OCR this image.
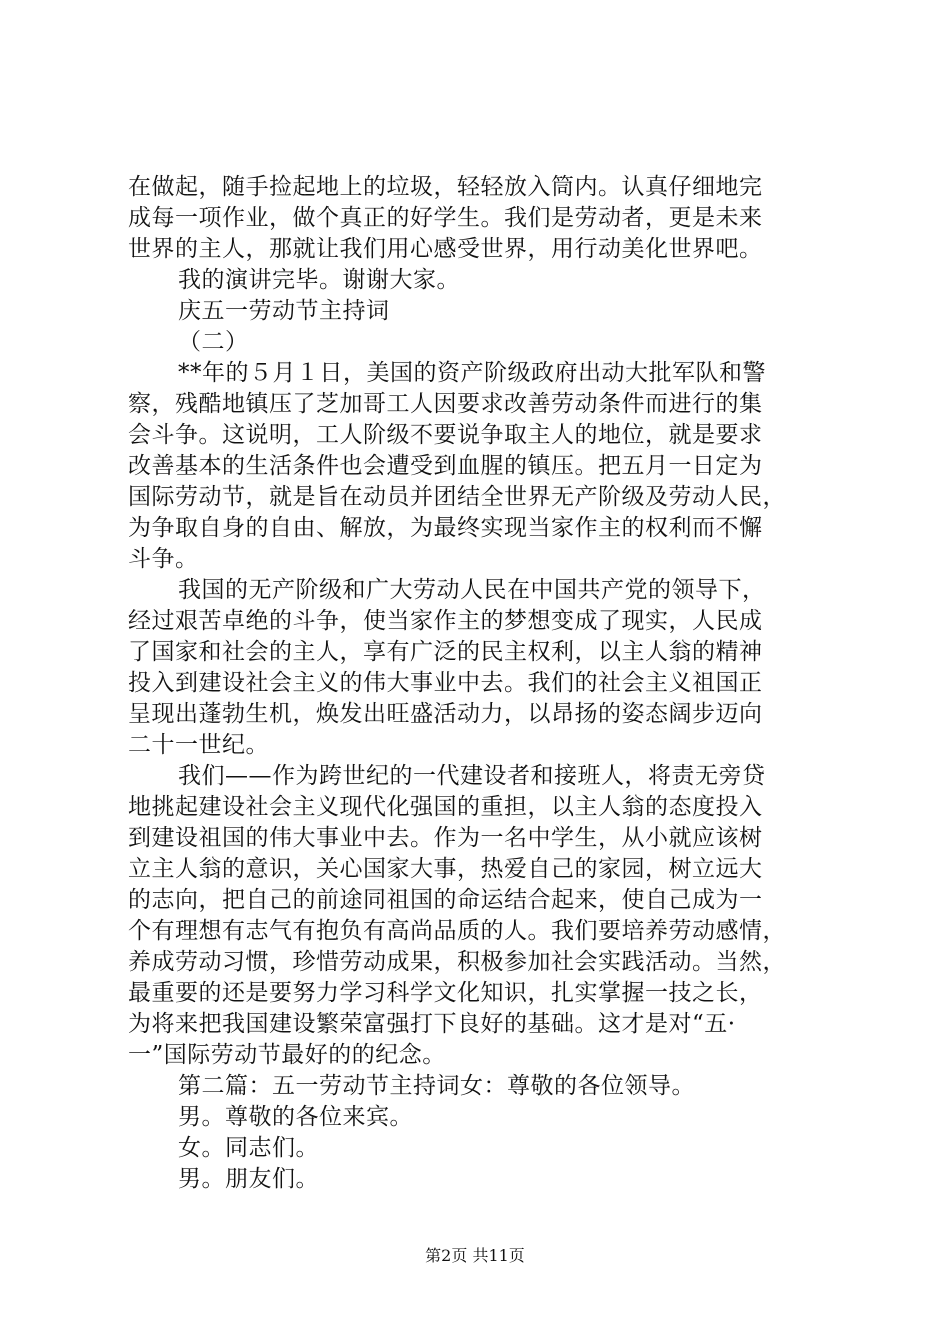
在做起，随手捡起地上的垃圾，轻轻放入筒内。认真仔细地完
成每一项作业，做个真正的好学生。我们是劳动者，更是未来
世界的主人，那就让我们用心感受世界，用行动美化世界吧。
我的演讲完毕。谢谢大家。
庆五一劳动节主持词
（二）
**年的５月１日，美国的资产阶级政府出动大批军队和警
察，残酷地镇压了芝加哥工人因要求改善劳动条件而进行的集
会斗争。这说明，工人阶级不要说争取主人的地位，就是要求
改善基本的生活条件也会遭受到血腥的镇压。把五月一日定为
国际劳动节，就是旨在动员并团结全世界无产阶级及劳动人民，
为争取自身的自由、解放，为最终实现当家作主的权利而不懈
斗争。
我国的无产阶级和广大劳动人民在中国共产党的领导下，
经过艰苦卓绝的斗争，使当家作主的梦想变成了现实，人民成
了国家和社会的主人，享有广泛的民主权利，以主人翁的精神
投入到建设社会主义的伟大事业中去。我们的社会主义祖国正
呈现出蓬勃生机，焕发出旺盛活动力，以昂扬的姿态阔步迈向
二十一世纪。
我们——作为跨世纪的一代建设者和接班人，将责无旁贷
地挑起建设社会主义现代化强国的重担，以主人翁的态度投入
到建设祖国的伟大事业中去。作为一名中学生，从小就应该树
立主人翁的意识，关心国家大事，热爱自己的家园，树立远大
的志向，把自己的前途同祖国的命运结合起来，使自己成为一
个有理想有志气有抱负有高尚品质的人。我们要培养劳动感情，
养成劳动习惯，珍惜劳动成果，积极参加社会实践活动。当然，
最重要的还是要努力学习科学文化知识，扎实掌握一技之长，
为将来把我国建设繁荣富强打下良好的基础。这才是对“五·
一”国际劳动节最好的的纪念。
第二篇：五一劳动节主持词女：尊敬的各位领导。
男。尊敬的各位来宾。
女。同志们。
男。朋友们。
第2页 共11页
